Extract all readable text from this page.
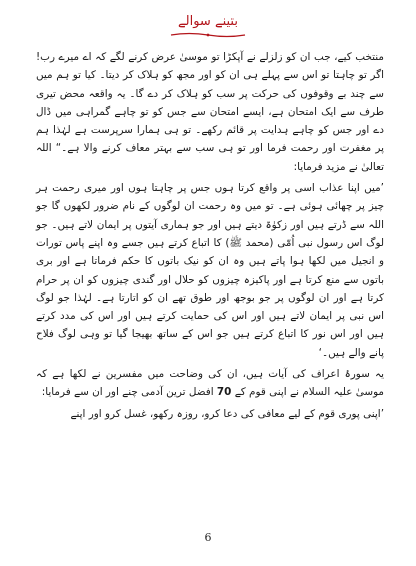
بتینے سوالے

منتخب کیے، جب ان کو زلزلے نے آپکڑا تو موسیٰ عرض کرنے لگے کہ اے میرے رب! اگر تو چاہتا تو اس سے پہلے ہی ان کو اور مجھ کو ہلاک کر دیتا۔ کیا تو ہم میں سے چند بے وقوفوں کی حرکت پر سب کو ہلاک کر دے گا۔ یہ واقعہ محض تیری طرف سے ایک امتحان ہے، ایسے امتحان سے جس کو تو چاہے گمراہی میں ڈال دے اور جس کو چاہے ہدایت پر قائم رکھے۔ تو ہی ہمارا سرپرست ہے لہٰذا ہم پر مغفرت اور رحمت فرما اور تو ہی سب سے بہتر معاف کرنے والا ہے۔“ اللہ تعالیٰ نے مزید فرمایا:

’میں اپنا عذاب اسی پر واقع کرتا ہوں جس پر چاہتا ہوں اور میری رحمت ہر چیز پر چھائی ہوئی ہے۔ تو میں وہ رحمت ان لوگوں کے نام ضرور لکھوں گا جو اللہ سے ڈرتے ہیں اور زکوٰۃ دیتے ہیں اور جو ہماری آیتوں پر ایمان لاتے ہیں۔ جو لوگ اس رسول نبی اُمّی (محمد ﷺ) کا اتباع کرتے ہیں جسے وہ اپنے پاس تورات و انجیل میں لکھا ہوا پاتے ہیں وہ ان کو نیک باتوں کا حکم فرماتا ہے اور بری باتوں سے منع کرتا ہے اور پاکیزہ چیزوں کو حلال اور گندی چیزوں کو ان پر حرام کرتا ہے اور ان لوگوں پر جو بوجھ اور طوق تھے ان کو اتارتا ہے۔ لہٰذا جو لوگ اس نبی پر ایمان لاتے ہیں اور اس کی حمایت کرتے ہیں اور اس کی مدد کرتے ہیں اور اس نور کا اتباع کرتے ہیں جو اس کے ساتھ بھیجا گیا تو وہی لوگ فلاح پانے والے ہیں۔‘

یہ سورۂ اعراف کی آیات ہیں، ان کی وضاحت میں مفسرین نے لکھا ہے کہ موسیٰ علیہ السلام نے اپنی قوم کے 70 افضل ترین آدمی چنے اور ان سے فرمایا:

’اپنی پوری قوم کے لیے معافی کی دعا کرو، روزہ رکھو، غسل کرو اور اپنے

6
